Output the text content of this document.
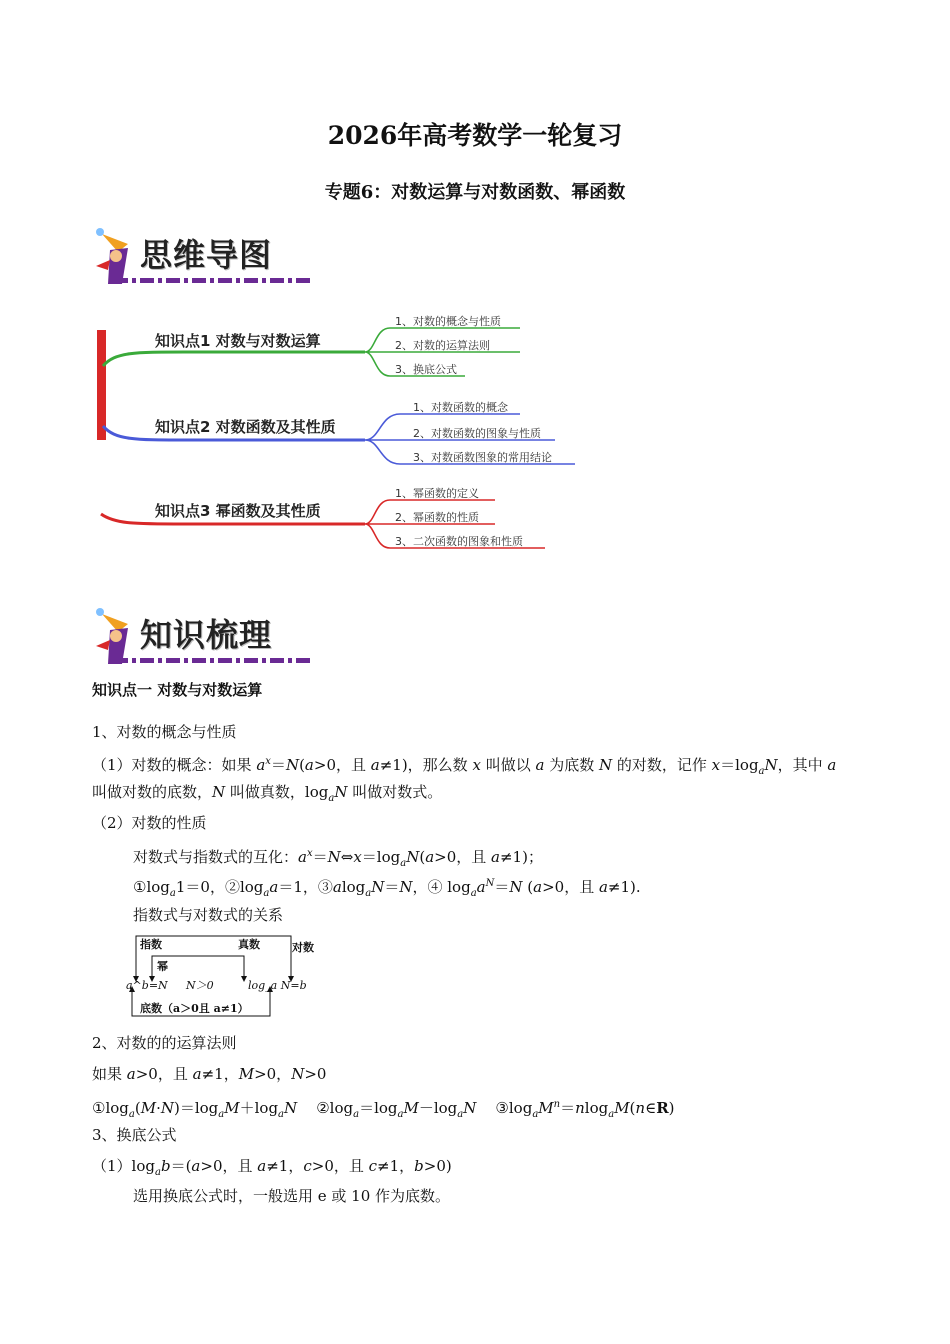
2026年高考数学一轮复习
专题6：对数运算与对数函数、幂函数
思维导图
知识点1 对数与对数运算
知识点2 对数函数及其性质
知识点3 幂函数及其性质
1、对数的概念与性质
2、对数的运算法则
3、换底公式
1、对数函数的概念
2、对数函数的图象与性质
3、对数函数图象的常用结论
1、幂函数的定义
2、幂函数的性质
3、二次函数的图象和性质
知识梳理
知识点一 对数与对数运算
1、对数的概念与性质
（1）对数的概念：如果 $a^x=N(a>0$，且 a≠1)，那么数 x 叫做以 a 为底数 N 的对数，记作 $x=\log_aN$，其中 a
叫做对数的底数，N 叫做真数，$\log_aN$ 叫做对数式。
（2）对数的性质
对数式与指数式的互化：$a^x=N\Leftrightarrow x=\log_aN(a>0$，且 a≠1)；
$①\log_a1=0$，$②\log_aa=1$，③alog$_a$N＝N，④ $\log_aa^N=N$ (a>0，且 a≠1).
指数式与对数式的关系
指数	真数	对数
幂
a^b=N N＞0	log_a N=b
底数（a＞0且 a≠1）
2、对数的的运算法则
如果 a>0，且 a≠1，M>0，N>0
$①\log_a(M\cdot N)=\log_aM+\log_aN$    $②\log_a=\log_aM-\log_aN$    $③\log_aM^n=nlog_aM(n\in R)$
3、换底公式
$(1)\log_ab=(a>0$，且 a≠1，c>0，且 c≠1，b>0)
选用换底公式时，一般选用 e 或 10 作为底数。
